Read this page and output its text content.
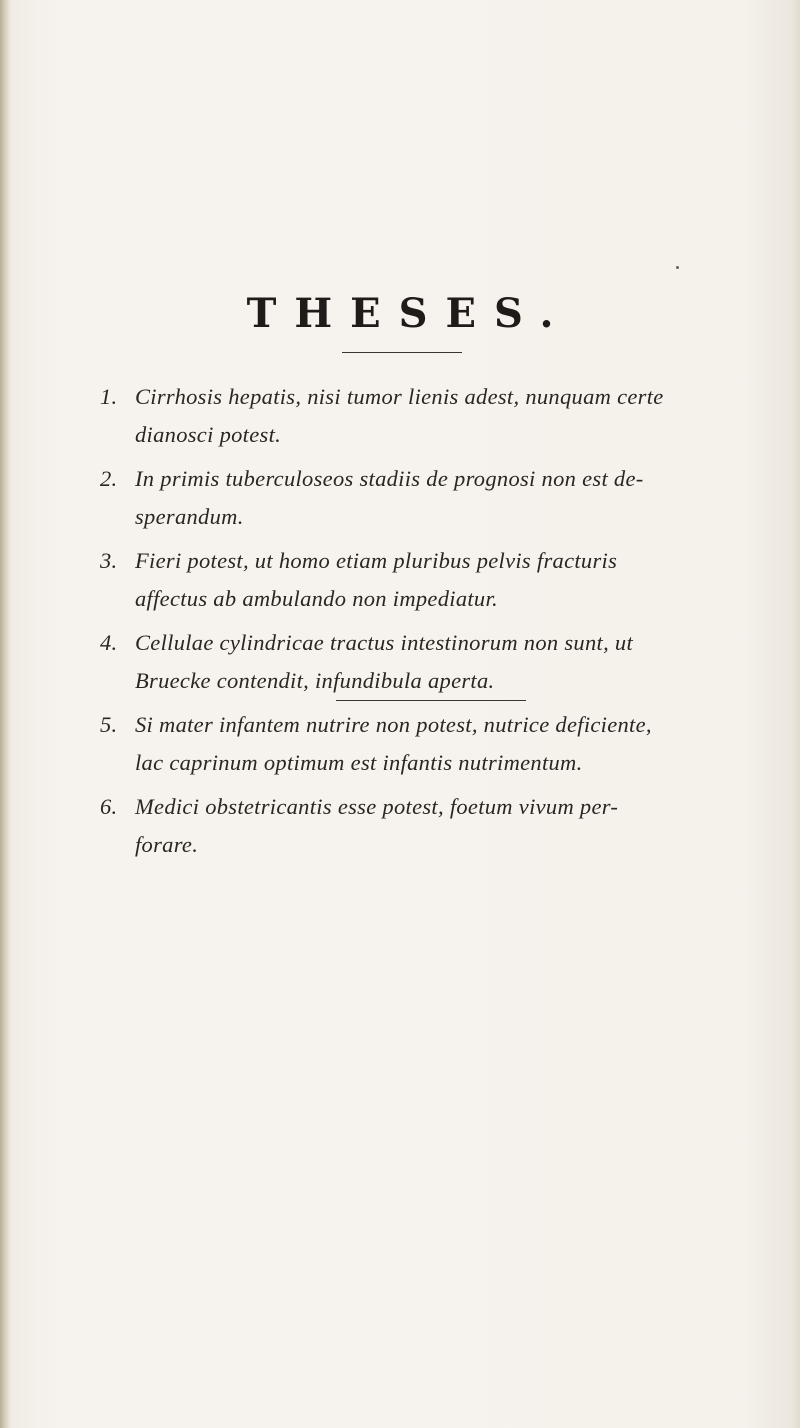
THESES.
1. Cirrhosis hepatis, nisi tumor lienis adest, nunquam certe
dianosci potest.
2. In primis tuberculoseos stadiis de prognosi non est de-
sperandum.
3. Fieri potest, ut homo etiam pluribus pelvis fracturis
affectus ab ambulando non impediatur.
4. Cellulae cylindricae tractus intestinorum non sunt, ut
Bruecke contendit, infundibula aperta.
5. Si mater infantem nutrire non potest, nutrice deficiente,
lac caprinum optimum est infantis nutrimentum.
6. Medici obstetricantis esse potest, foetum vivum per-
forare.
